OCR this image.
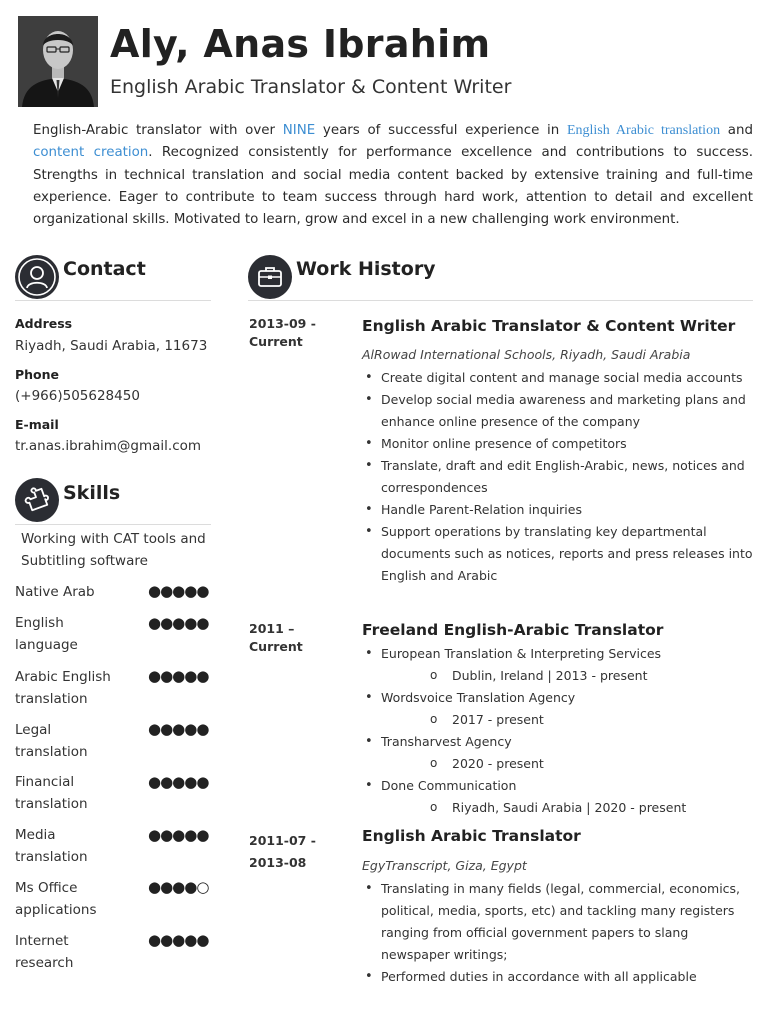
Aly, Anas Ibrahim
English Arabic Translator & Content Writer
English-Arabic translator with over NINE years of successful experience in English Arabic translation and content creation. Recognized consistently for performance excellence and contributions to success. Strengths in technical translation and social media content backed by extensive training and full-time experience. Eager to contribute to team success through hard work, attention to detail and excellent organizational skills. Motivated to learn, grow and excel in a new challenging work environment.
Contact
Address
Riyadh, Saudi Arabia, 11673
Phone
(+966)505628450
E-mail
tr.anas.ibrahim@gmail.com
Skills
Working with CAT tools and Subtitling software
Native Arab	●●●●●
English language
●●●●●
Arabic English translation
●●●●●
Legal translation
●●●●●
Financial translation
●●●●●
Media translation
●●●●●
Ms Office applications
●●●●○
Internet research
●●●●●
Work History
2013-09 -
Current
English Arabic Translator & Content Writer
AlRowad International Schools, Riyadh, Saudi Arabia
• Create digital content and manage social media accounts
• Develop social media awareness and marketing plans and enhance online presence of the company
• Monitor online presence of competitors
• Translate, draft and edit English-Arabic, news, notices and correspondences
• Handle Parent-Relation inquiries
• Support operations by translating key departmental documents such as notices, reports and press releases into English and Arabic
2011 –
Current
Freeland English-Arabic Translator
• European Translation & Interpreting Services
o Dublin, Ireland | 2013 - present
• Wordsvoice Translation Agency
o 2017 - present
• Transharvest Agency
o 2020 - present
• Done Communication
o Riyadh, Saudi Arabia | 2020 - present
2011-07 -
2013-08
English Arabic Translator
EgyTranscript, Giza, Egypt
• Translating in many fields (legal, commercial, economics, political, media, sports, etc) and tackling many registers ranging from official government papers to slang newspaper writings;
• Performed duties in accordance with all applicable
